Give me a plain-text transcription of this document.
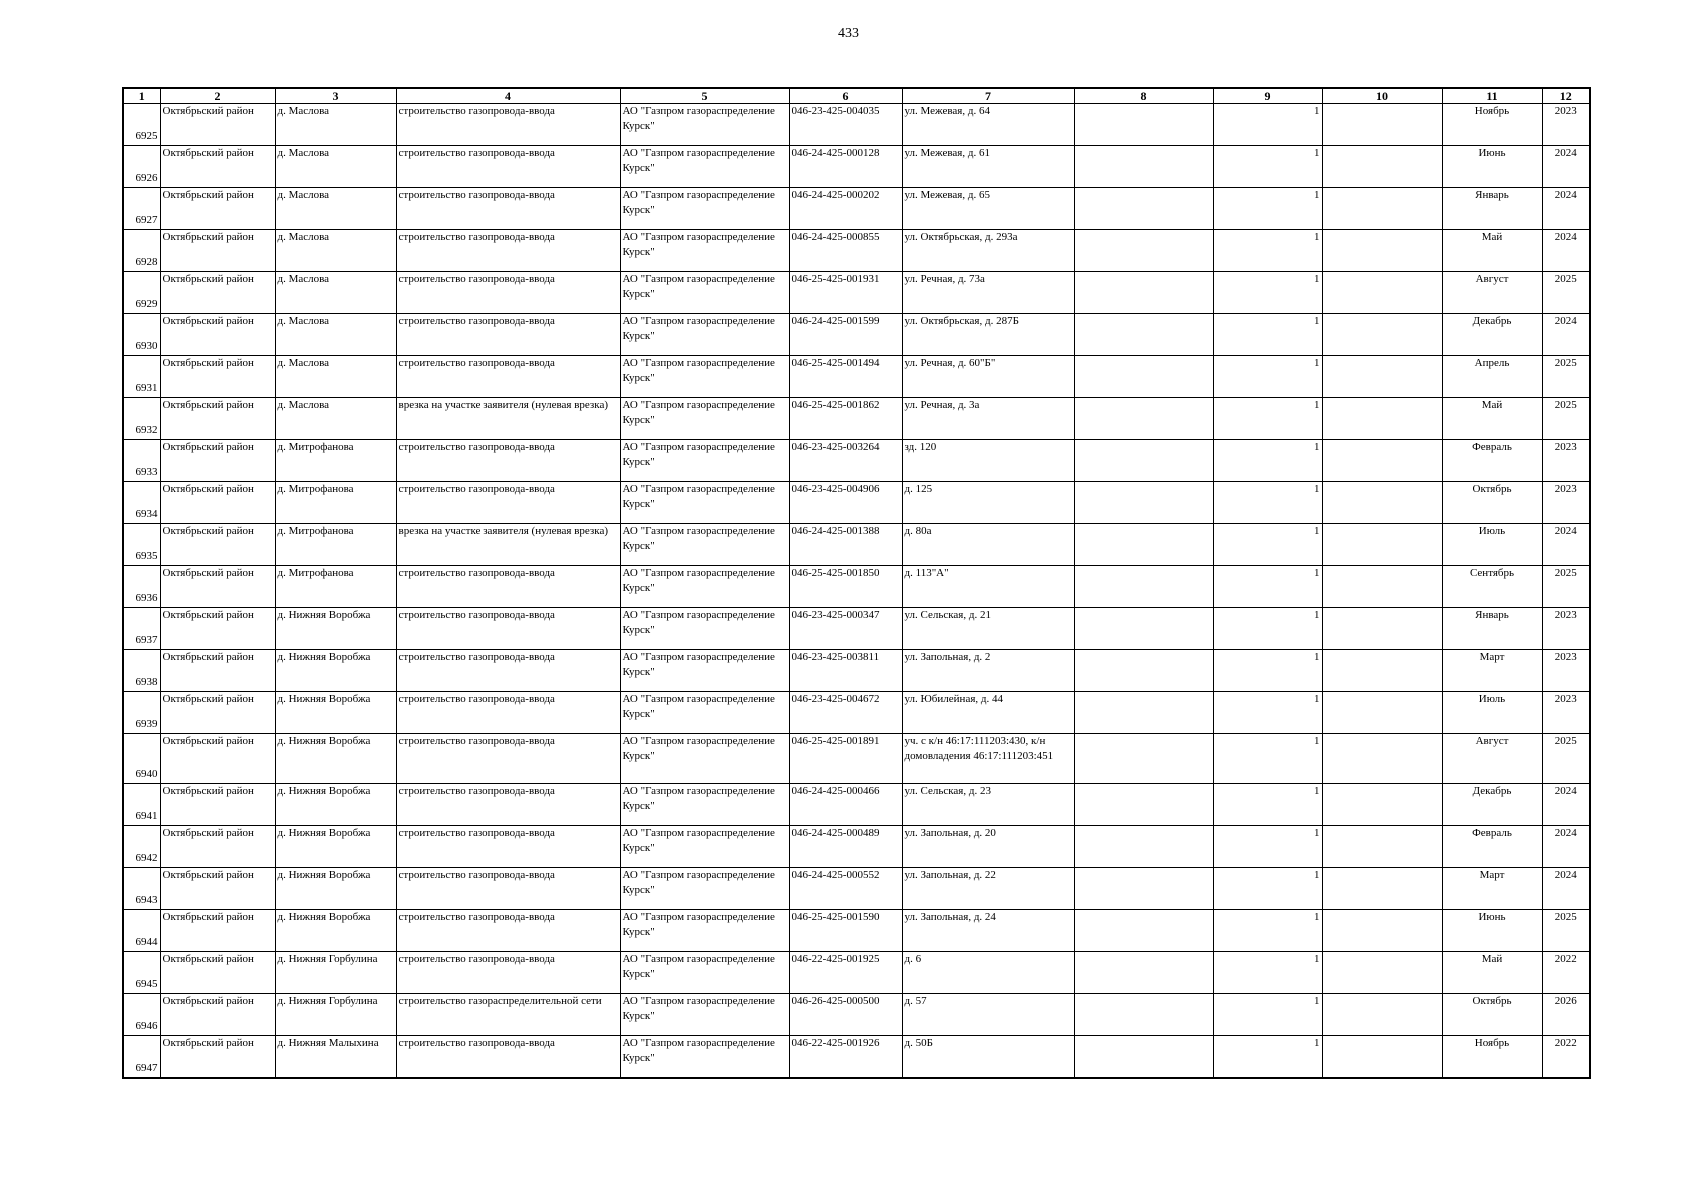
433
1	2	3	4	5	6	7	8	9	10	11	12
6925	Октябрьский район	д. Маслова	строительство газопровода-ввода	АО "Газпром газораспределение Курск"	046-23-425-004035	ул. Межевая, д. 64		1		Ноябрь	2023
6926	Октябрьский район	д. Маслова	строительство газопровода-ввода	АО "Газпром газораспределение Курск"	046-24-425-000128	ул. Межевая, д. 61		1		Июнь	2024
6927	Октябрьский район	д. Маслова	строительство газопровода-ввода	АО "Газпром газораспределение Курск"	046-24-425-000202	ул. Межевая, д. 65		1		Январь	2024
6928	Октябрьский район	д. Маслова	строительство газопровода-ввода	АО "Газпром газораспределение Курск"	046-24-425-000855	ул. Октябрьская, д. 293а		1		Май	2024
6929	Октябрьский район	д. Маслова	строительство газопровода-ввода	АО "Газпром газораспределение Курск"	046-25-425-001931	ул. Речная, д. 73а		1		Август	2025
6930	Октябрьский район	д. Маслова	строительство газопровода-ввода	АО "Газпром газораспределение Курск"	046-24-425-001599	ул. Октябрьская, д. 287Б		1		Декабрь	2024
6931	Октябрьский район	д. Маслова	строительство газопровода-ввода	АО "Газпром газораспределение Курск"	046-25-425-001494	ул. Речная, д. 60"Б"		1		Апрель	2025
6932	Октябрьский район	д. Маслова	врезка на участке заявителя (нулевая врезка)	АО "Газпром газораспределение Курск"	046-25-425-001862	ул. Речная, д. 3а		1		Май	2025
6933	Октябрьский район	д. Митрофанова	строительство газопровода-ввода	АО "Газпром газораспределение Курск"	046-23-425-003264	зд. 120		1		Февраль	2023
6934	Октябрьский район	д. Митрофанова	строительство газопровода-ввода	АО "Газпром газораспределение Курск"	046-23-425-004906	д. 125		1		Октябрь	2023
6935	Октябрьский район	д. Митрофанова	врезка на участке заявителя (нулевая врезка)	АО "Газпром газораспределение Курск"	046-24-425-001388	д. 80а		1		Июль	2024
6936	Октябрьский район	д. Митрофанова	строительство газопровода-ввода	АО "Газпром газораспределение Курск"	046-25-425-001850	д. 113"А"		1		Сентябрь	2025
6937	Октябрьский район	д. Нижняя Воробжа	строительство газопровода-ввода	АО "Газпром газораспределение Курск"	046-23-425-000347	ул. Сельская, д. 21		1		Январь	2023
6938	Октябрьский район	д. Нижняя Воробжа	строительство газопровода-ввода	АО "Газпром газораспределение Курск"	046-23-425-003811	ул. Запольная, д. 2		1		Март	2023
6939	Октябрьский район	д. Нижняя Воробжа	строительство газопровода-ввода	АО "Газпром газораспределение Курск"	046-23-425-004672	ул. Юбилейная, д. 44		1		Июль	2023
6940	Октябрьский район	д. Нижняя Воробжа	строительство газопровода-ввода	АО "Газпром газораспределение Курск"	046-25-425-001891	уч. с к/н 46:17:111203:430, к/н домовладения 46:17:111203:451		1		Август	2025
6941	Октябрьский район	д. Нижняя Воробжа	строительство газопровода-ввода	АО "Газпром газораспределение Курск"	046-24-425-000466	ул. Сельская, д. 23		1		Декабрь	2024
6942	Октябрьский район	д. Нижняя Воробжа	строительство газопровода-ввода	АО "Газпром газораспределение Курск"	046-24-425-000489	ул. Запольная, д. 20		1		Февраль	2024
6943	Октябрьский район	д. Нижняя Воробжа	строительство газопровода-ввода	АО "Газпром газораспределение Курск"	046-24-425-000552	ул. Запольная, д. 22		1		Март	2024
6944	Октябрьский район	д. Нижняя Воробжа	строительство газопровода-ввода	АО "Газпром газораспределение Курск"	046-25-425-001590	ул. Запольная, д. 24		1		Июнь	2025
6945	Октябрьский район	д. Нижняя Горбулина	строительство газопровода-ввода	АО "Газпром газораспределение Курск"	046-22-425-001925	д. 6		1		Май	2022
6946	Октябрьский район	д. Нижняя Горбулина	строительство газораспределительной сети	АО "Газпром газораспределение Курск"	046-26-425-000500	д. 57		1		Октябрь	2026
6947	Октябрьский район	д. Нижняя Малыхина	строительство газопровода-ввода	АО "Газпром газораспределение Курск"	046-22-425-001926	д. 50Б		1		Ноябрь	2022
